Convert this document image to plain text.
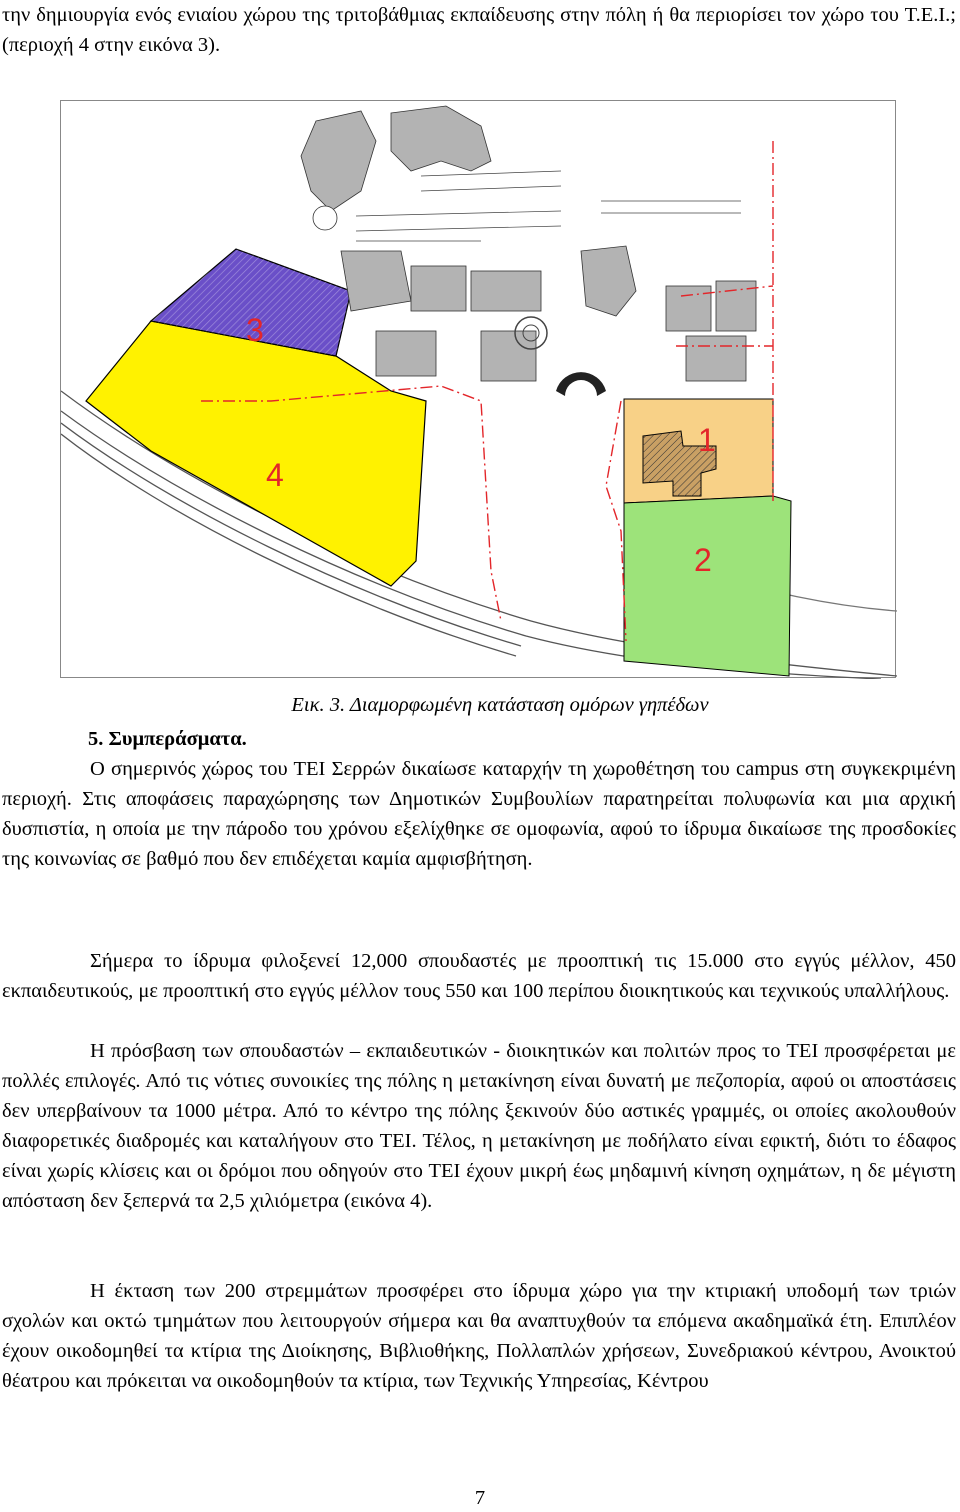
την δημιουργία ενός ενιαίου χώρου της τριτοβάθμιας εκπαίδευσης στην πόλη ή θα περιορίσει τον χώρο του Τ.Ε.Ι.; (περιοχή 4 στην εικόνα 3).

3
4
1
2

Εικ. 3. Διαμορφωμένη κατάσταση ομόρων γηπέδων

5. Συμπεράσματα.

Ο σημερινός χώρος του ΤΕΙ Σερρών δικαίωσε καταρχήν τη χωροθέτηση του campus στη συγκεκριμένη περιοχή. Στις αποφάσεις παραχώρησης των Δημοτικών Συμβουλίων παρατηρείται πολυφωνία και μια αρχική δυσπιστία, η οποία με την πάροδο του χρόνου εξελίχθηκε σε ομοφωνία, αφού το ίδρυμα δικαίωσε της προσδοκίες της κοινωνίας σε βαθμό που δεν επιδέχεται καμία αμφισβήτηση.

Σήμερα το ίδρυμα φιλοξενεί 12,000 σπουδαστές με προοπτική τις 15.000 στο εγγύς μέλλον, 450 εκπαιδευτικούς, με προοπτική στο εγγύς μέλλον τους 550 και 100 περίπου διοικητικούς και τεχνικούς υπαλλήλους.

Η πρόσβαση των σπουδαστών – εκπαιδευτικών - διοικητικών και πολιτών προς το ΤΕΙ προσφέρεται με πολλές επιλογές. Από τις νότιες συνοικίες της πόλης η μετακίνηση είναι δυνατή με πεζοπορία, αφού οι αποστάσεις δεν υπερβαίνουν τα 1000 μέτρα. Από το κέντρο της πόλης ξεκινούν δύο αστικές γραμμές, οι οποίες ακολουθούν διαφορετικές διαδρομές και καταλήγουν στο ΤΕΙ. Τέλος, η μετακίνηση με ποδήλατο είναι εφικτή, διότι το έδαφος είναι χωρίς κλίσεις και οι δρόμοι που οδηγούν στο ΤΕΙ έχουν μικρή έως μηδαμινή κίνηση οχημάτων, η δε μέγιστη απόσταση δεν ξεπερνά τα 2,5 χιλιόμετρα (εικόνα 4).

Η έκταση των 200 στρεμμάτων προσφέρει στο ίδρυμα χώρο για την κτιριακή υποδομή των τριών σχολών και οκτώ τμημάτων που λειτουργούν σήμερα και θα αναπτυχθούν τα επόμενα ακαδημαϊκά έτη. Επιπλέον έχουν οικοδομηθεί τα κτίρια της Διοίκησης, Βιβλιοθήκης, Πολλαπλών χρήσεων, Συνεδριακού κέντρου, Ανοικτού θέατρου και πρόκειται να οικοδομηθούν τα κτίρια, των Τεχνικής Υπηρεσίας, Κέντρου

7
